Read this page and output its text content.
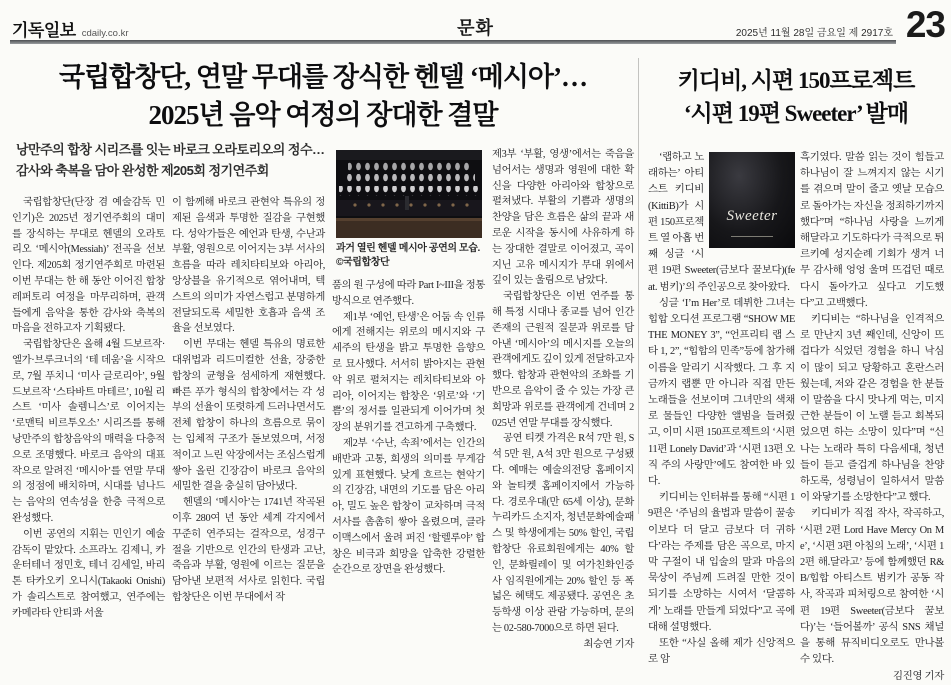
기독일보 cdaily.co.kr	문화	2025년 11월 28일 금요일 제 2917호 23
국립합창단, 연말 무대를 장식한 헨델 ‘메시아’…
2025년 음악 여정의 장대한 결말
낭만주의 합창 시리즈를 잇는 바로크 오라토리오의 정수…
감사와 축복을 담아 완성한 제205회 정기연주회
과거 열린 헨델 메시아 공연의 모습. ©국립합창단

국립합창단(단장 겸 예술감독 민인기)은 2025년 정기연주회의 대미를 장식하는 무대로 헨델의 오라토리오 ‘메시아(Messiah)’ 전곡을 선보인다. 제205회 정기연주회로 마련된 이번 무대는 한 해 동안 이어진 합창 레퍼토리 여정을 마무리하며, 관객들에게 음악을 통한 감사와 축복의 마음을 전하고자 기획됐다.

국립합창단은 올해 4월 드보르작·엘가·브루크너의 ‘테 데움’을 시작으로, 7월 푸치니 ‘미사 글로리아’, 9월 드보르작 ‘스타바트 마테르’, 10월 리스트 ‘미사 솔렘니스’로 이어지는 ‘로맨틱 비르투오소’ 시리즈를 통해 낭만주의 합창음악의 매력을 다층적으로 조명했다. 바로크 음악의 대표작으로 알려진 ‘메시아’를 연말 무대의 정점에 배치하며, 시대를 넘나드는 음악의 연속성을 한층 극적으로 완성했다.

이번 공연의 지휘는 민인기 예술감독이 맡았다. 소프라노 김제니, 카운터테너 정민호, 테너 김세일, 바리톤 타카오키 오니시(Takaoki Onishi)가 솔리스트로 참여했고, 연주에는 카메라타 안티콰 서울

이 함께해 바로크 관현악 특유의 정제된 음색과 투명한 질감을 구현했다. 성악가들은 예언과 탄생, 수난과 부활, 영원으로 이어지는 3부 서사의 흐름을 따라 레치타티보와 아리아, 앙상블을 유기적으로 엮어내며, 텍스트의 의미가 자연스럽고 분명하게 전달되도록 세밀한 호흡과 음색 조율을 선보였다.

이번 무대는 헨델 특유의 명료한 대위법과 리드미컬한 선율, 장중한 합창의 균형을 섬세하게 재현했다. 빠른 푸가 형식의 합창에서는 각 성부의 선율이 또렷하게 드러나면서도 전체 합창이 하나의 흐름으로 묶이는 입체적 구조가 돋보였으며, 서정적이고 느린 악장에서는 조심스럽게 쌓아 올린 긴장감이 바로크 음악의 세밀한 결을 충실히 담아냈다.

헨델의 ‘메시아’는 1741년 작곡된 이후 280여 년 동안 세계 각지에서 꾸준히 연주되는 걸작으로, 성경구절을 기반으로 인간의 탄생과 고난, 죽음과 부활, 영원에 이르는 질문을 담아낸 보편적 서사로 읽힌다. 국립합창단은 이번 무대에서 작

품의 원 구성에 따라 Part I~III을 정통 방식으로 연주했다.

제1부 ‘예언, 탄생’은 어둠 속 인류에게 전해지는 위로의 메시지와 구세주의 탄생을 밝고 투명한 음향으로 묘사했다. 서서히 밝아지는 관현악 위로 펼쳐지는 레치타티보와 아리아, 이어지는 합창은 ‘위로’와 ‘기쁨’의 정서를 일관되게 이어가며 첫 장의 분위기를 견고하게 구축했다.

제2부 ‘수난, 속죄’에서는 인간의 배반과 고통, 희생의 의미를 무게감 있게 표현했다. 낮게 흐르는 현악기의 긴장감, 내면의 기도를 담은 아리아, 밀도 높은 합창이 교차하며 극적 서사를 촘촘히 쌓아 올렸으며, 클라이맥스에서 울려 퍼진 ‘할렐루야’ 합창은 비극과 희망을 압축한 강렬한 순간으로 장면을 완성했다.

제3부 ‘부활, 영생’에서는 죽음을 넘어서는 생명과 영원에 대한 확신을 다양한 아리아와 합창으로 펼쳐냈다. 부활의 기쁨과 생명의 찬양을 담은 흐름은 삶의 끝과 새로운 시작을 동시에 사유하게 하는 장대한 결말로 이어졌고, 곡이 지닌 고유 메시지가 무대 위에서 깊이 있는 울림으로 남았다.

국립합창단은 이번 연주를 통해 특정 시대나 종교를 넘어 인간 존재의 근원적 질문과 위로를 담아낸 ‘메시아’의 메시지를 오늘의 관객에게도 깊이 있게 전달하고자 했다. 합창과 관현악의 조화를 기반으로 음악이 줄 수 있는 가장 큰 희망과 위로를 관객에게 건네며 2025년 연말 무대를 장식했다.

공연 티켓 가격은 R석 7만 원, S석 5만 원, A석 3만 원으로 구성됐다. 예매는 예술의전당 홈페이지와 놀티켓 홈페이지에서 가능하다. 경로우대(만 65세 이상), 문화누리카드 소지자, 청년문화예술패스 및 학생에게는 50% 할인, 국립합창단 유료회원에게는 40% 할인, 문화릴레이 및 여가친화인증사 임직원에게는 20% 할인 등 폭넓은 혜택도 제공됐다. 공연은 초등학생 이상 관람 가능하며, 문의는 02-580-7000으로 하면 된다.

최승연 기자

키디비, 시편 150프로젝트
‘시편 19편 Sweeter’ 발매
Sweeter

‘랩하고 노래하는’ 아티스트 키디비(KittiB)가 시편 150프로젝트 열 아홉 번째 싱글 ‘시편 19편 Sweeter(금보다 꿀보다)(feat. 범키)’의 주인공으로 찾아왔다.

싱글 ‘I’m Her’로 데뷔한 그녀는 힙합 오디션 프로그램 “SHOW ME THE MONEY 3”, “언프리티 랩 스타 1, 2”, “힙합의 민족”등에 참가해 이름을 알리기 시작했다. 그 후 지금까지 랩뿐 만 아니라 직접 만든 노래들을 선보이며 그녀만의 색채로 물들인 다양한 앨범을 들려줬고, 이미 시편 150프로젝트의 ‘시편 11편 Lonely David’과 ‘시편 13편 오직 주의 사랑만’에도 참여한 바 있다.

키디비는 인터뷰를 통해 “시편 19편은 ‘주님의 율법과 말씀이 꿀송이보다 더 달고 금보다 더 귀하다’라는 주제를 담은 곡으로, 마지막 구절이 내 입술의 말과 마음의 묵상이 주님께 드려질 만한 것이 되기를 소망하는 시여서 ‘달콤하게’ 노래를 만들게 되었다”고 곡에 대해 설명했다.

또한 “사실 올해 제가 신앙적으로 암

흑기였다. 말씀 읽는 것이 힘들고 하나님이 잘 느껴지지 않는 시기를 겪으며 말이 줄고 옛날 모습으로 돌아가는 자신을 정죄하기까지 했다”며 “하나님 사랑을 느끼게 해달라고 기도하다가 극적으로 튀르키예 성지순례 기회가 생겨 너무 감사해 엉엉 울며 뜨겁던 때로 다시 돌아가고 싶다고 기도했다”고 고백했다.

키디비는 “하나님을 인격적으로 만난지 3년 째인데, 신앙이 뜨겁다가 식었던 경험을 하니 낙심이 많이 되고 당황하고 혼란스러웠는데, 저와 같은 경험을 한 분들이 말씀을 다시 맛나게 먹는, 미지근한 분들이 이 노랠 듣고 회복되었으면 하는 소망이 있다”며 “신나는 노래라 특히 다음세대, 청년들이 듣고 즐겁게 하나님을 찬양하도록, 성령님이 일하셔서 말씀이 와닿기를 소망한다”고 했다.

키디비가 직접 작사, 작곡하고, ‘시편 2편 Lord Have Mercy On Me’, ‘시편 3편 아침의 노래’, ‘시편 12편 해.달라고’ 등에 함께했던 R&B/힙합 아티스트 범키가 공동 작사, 작곡과 피처링으로 참여한 ‘시편 19편 Sweeter(금보다 꿀보다)’는 ‘들어볼까’ 공식 SNS 채널을 통해 뮤직비디오로도 만나볼 수 있다.

김진영 기자
